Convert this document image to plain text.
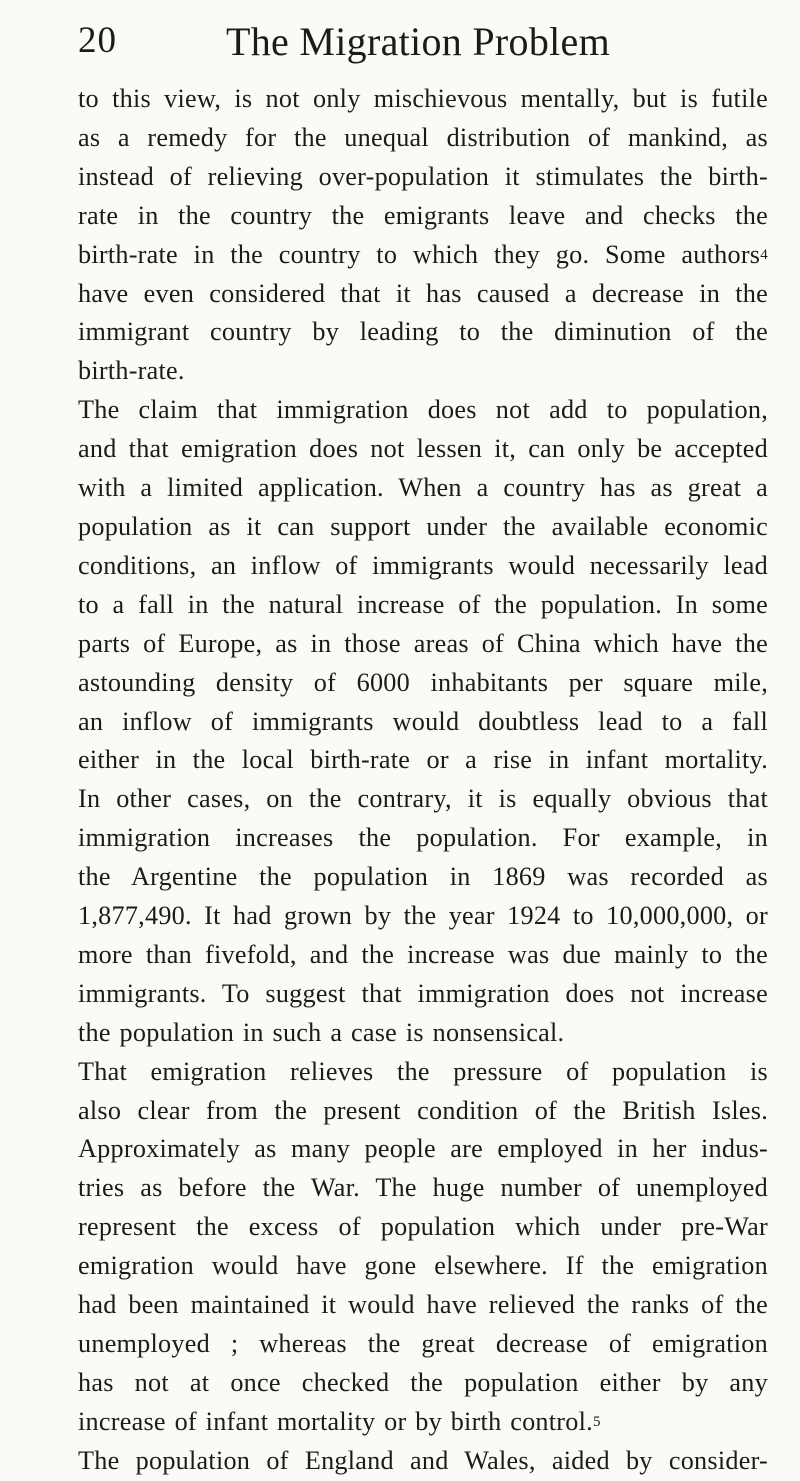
20	The Migration Problem
to this view, is not only mischievous mentally, but is futile
as a remedy for the unequal distribution of mankind, as
instead of relieving over-population it stimulates the birth-
rate in the country the emigrants leave and checks the
birth-rate in the country to which they go. Some authors$^4$
have even considered that it has caused a decrease in the
immigrant country by leading to the diminution of the
birth-rate.
The claim that immigration does not add to population,
and that emigration does not lessen it, can only be accepted
with a limited application. When a country has as great a
population as it can support under the available economic
conditions, an inflow of immigrants would necessarily lead
to a fall in the natural increase of the population. In some
parts of Europe, as in those areas of China which have the
astounding density of 6000 inhabitants per square mile,
an inflow of immigrants would doubtless lead to a fall
either in the local birth-rate or a rise in infant mortality.
In other cases, on the contrary, it is equally obvious that
immigration increases the population. For example, in
the Argentine the population in 1869 was recorded as
1,877,490. It had grown by the year 1924 to 10,000,000, or
more than fivefold, and the increase was due mainly to the
immigrants. To suggest that immigration does not increase
the population in such a case is nonsensical.
That emigration relieves the pressure of population is
also clear from the present condition of the British Isles.
Approximately as many people are employed in her indus-
tries as before the War. The huge number of unemployed
represent the excess of population which under pre-War
emigration would have gone elsewhere. If the emigration
had been maintained it would have relieved the ranks of the
unemployed ; whereas the great decrease of emigration
has not at once checked the population either by any
increase of infant mortality or by birth control.$^5$
The population of England and Wales, aided by consider-
